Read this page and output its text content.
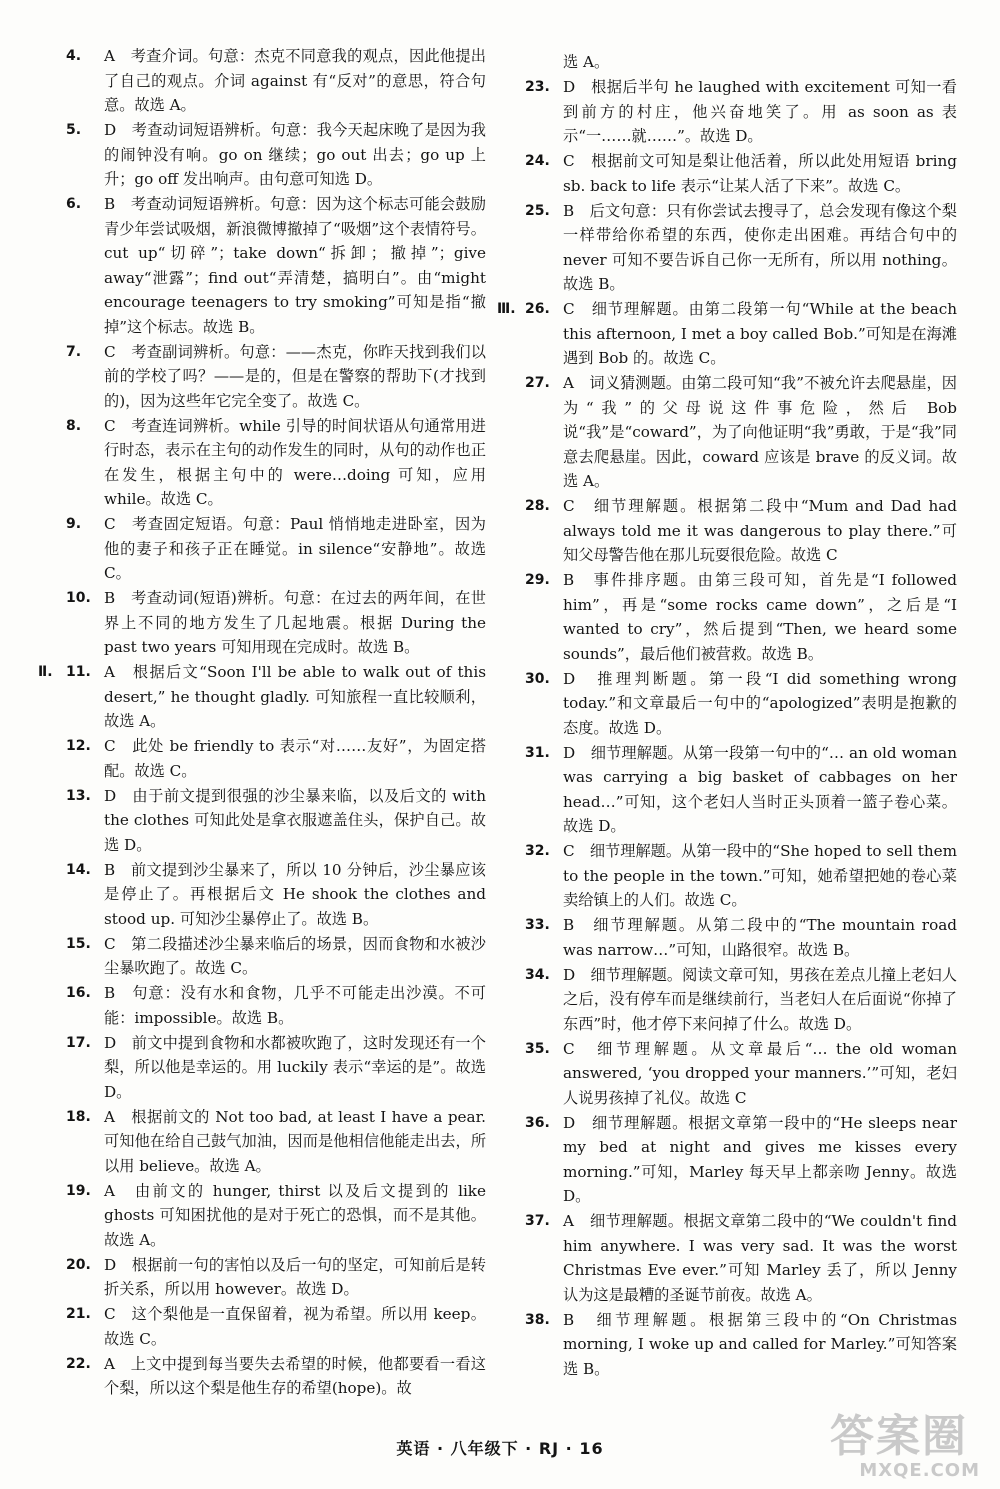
4. A　考查介词。句意：杰克不同意我的观点，因此他提出了自己的观点。介词 against 有“反对”的意思，符合句意。故选 A。
5. D　考查动词短语辨析。句意：我今天起床晚了是因为我的闹钟没有响。go on 继续；go out 出去；go up 上升；go off 发出响声。由句意可知选 D。
6. B　考查动词短语辨析。句意：因为这个标志可能会鼓励青少年尝试吸烟，新浪微博撤掉了“吸烟”这个表情符号。cut up“切碎”；take down“拆卸；撤掉”；give away“泄露”；find out“弄清楚，搞明白”。由“might encourage teenagers to try smoking”可知是指“撤掉”这个标志。故选 B。
7. C　考查副词辨析。句意：——杰克，你昨天找到我们以前的学校了吗？——是的，但是在警察的帮助下(才找到的)，因为这些年它完全变了。故选 C。
8. C　考查连词辨析。while 引导的时间状语从句通常用进行时态，表示在主句的动作发生的同时，从句的动作也正在发生，根据主句中的 were…doing 可知，应用 while。故选 C。
9. C　考查固定短语。句意：Paul 悄悄地走进卧室，因为他的妻子和孩子正在睡觉。in silence“安静地”。故选 C。
10. B　考查动词(短语)辨析。句意：在过去的两年间，在世界上不同的地方发生了几起地震。根据 During the past two years 可知用现在完成时。故选 B。
Ⅱ. 11. A　根据后文“Soon I'll be able to walk out of this desert,” he thought gladly. 可知旅程一直比较顺利，故选 A。
12. C　此处 be friendly to 表示“对……友好”，为固定搭配。故选 C。
13. D　由于前文提到很强的沙尘暴来临，以及后文的 with the clothes 可知此处是拿衣服遮盖住头，保护自己。故选 D。
14. B　前文提到沙尘暴来了，所以 10 分钟后，沙尘暴应该是停止了。再根据后文 He shook the clothes and stood up. 可知沙尘暴停止了。故选 B。
15. C　第二段描述沙尘暴来临后的场景，因而食物和水被沙尘暴吹跑了。故选 C。
16. B　句意：没有水和食物，几乎不可能走出沙漠。不可能：impossible。故选 B。
17. D　前文中提到食物和水都被吹跑了，这时发现还有一个梨，所以他是幸运的。用 luckily 表示“幸运的是”。故选 D。
18. A　根据前文的 Not too bad, at least I have a pear. 可知他在给自己鼓气加油，因而是他相信他能走出去，所以用 believe。故选 A。
19. A　由前文的 hunger, thirst 以及后文提到的 like ghosts 可知困扰他的是对于死亡的恐惧，而不是其他。故选 A。
20. D　根据前一句的害怕以及后一句的坚定，可知前后是转折关系，所以用 however。故选 D。
21. C　这个梨他是一直保留着，视为希望。所以用 keep。故选 C。
22. A　上文中提到每当要失去希望的时候，他都要看一看这个梨，所以这个梨是他生存的希望(hope)。故
选 A。
23. D　根据后半句 he laughed with excitement 可知一看到前方的村庄，他兴奋地笑了。用 as soon as 表示“一……就……”。故选 D。
24. C　根据前文可知是梨让他活着，所以此处用短语 bring sb. back to life 表示“让某人活了下来”。故选 C。
25. B　后文句意：只有你尝试去搜寻了，总会发现有像这个梨一样带给你希望的东西，使你走出困难。再结合句中的 never 可知不要告诉自己你一无所有，所以用 nothing。故选 B。
Ⅲ. 26. C　细节理解题。由第二段第一句“While at the beach this afternoon, I met a boy called Bob.”可知是在海滩遇到 Bob 的。故选 C。
27. A　词义猜测题。由第二段可知“我”不被允许去爬悬崖，因为“我”的父母说这件事危险，然后 Bob 说“我”是“coward”，为了向他证明“我”勇敢，于是“我”同意去爬悬崖。因此，coward 应该是 brave 的反义词。故选 A。
28. C　细节理解题。根据第二段中“Mum and Dad had always told me it was dangerous to play there.”可知父母警告他在那儿玩耍很危险。故选 C
29. B　事件排序题。由第三段可知，首先是“I followed him”，再是“some rocks came down”，之后是“I wanted to cry”，然后提到“Then, we heard some sounds”，最后他们被营救。故选 B。
30. D　推理判断题。第一段“I did something wrong today.”和文章最后一句中的“apologized”表明是抱歉的态度。故选 D。
31. D　细节理解题。从第一段第一句中的“… an old woman was carrying a big basket of cabbages on her head…”可知，这个老妇人当时正头顶着一篮子卷心菜。故选 D。
32. C　细节理解题。从第一段中的“She hoped to sell them to the people in the town.”可知，她希望把她的卷心菜卖给镇上的人们。故选 C。
33. B　细节理解题。从第二段中的“The mountain road was narrow…”可知，山路很窄。故选 B。
34. D　细节理解题。阅读文章可知，男孩在差点儿撞上老妇人之后，没有停车而是继续前行，当老妇人在后面说“你掉了东西”时，他才停下来问掉了什么。故选 D。
35. C　细节理解题。从文章最后“… the old woman answered, ‘you dropped your manners.’”可知，老妇人说男孩掉了礼仪。故选 C
36. D　细节理解题。根据文章第一段中的“He sleeps near my bed at night and gives me kisses every morning.”可知，Marley 每天早上都亲吻 Jenny。故选 D。
37. A　细节理解题。根据文章第二段中的“We couldn't find him anywhere. I was very sad. It was the worst Christmas Eve ever.”可知 Marley 丢了，所以 Jenny 认为这是最糟的圣诞节前夜。故选 A。
38. B　细节理解题。根据第三段中的“On Christmas morning, I woke up and called for Marley.”可知答案选 B。
英语 · 八年级下 · RJ · 16	答案圈
MXQE.COM
